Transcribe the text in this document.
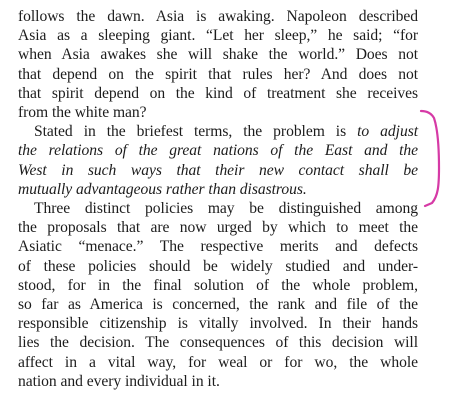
follows the dawn. Asia is awaking. Napoleon described
Asia as a sleeping giant. “Let her sleep,” he said; “for
when Asia awakes she will shake the world.” Does not
that depend on the spirit that rules her? And does not
that spirit depend on the kind of treatment she receives
from the white man?
Stated in the briefest terms, the problem is to adjust
the relations of the great nations of the East and the
West in such ways that their new contact shall be
mutually advantageous rather than disastrous.
Three distinct policies may be distinguished among
the proposals that are now urged by which to meet the
Asiatic “menace.” The respective merits and defects
of these policies should be widely studied and under-
stood, for in the final solution of the whole problem,
so far as America is concerned, the rank and file of the
responsible citizenship is vitally involved. In their hands
lies the decision. The consequences of this decision will
affect in a vital way, for weal or for wo, the whole
nation and every individual in it.
